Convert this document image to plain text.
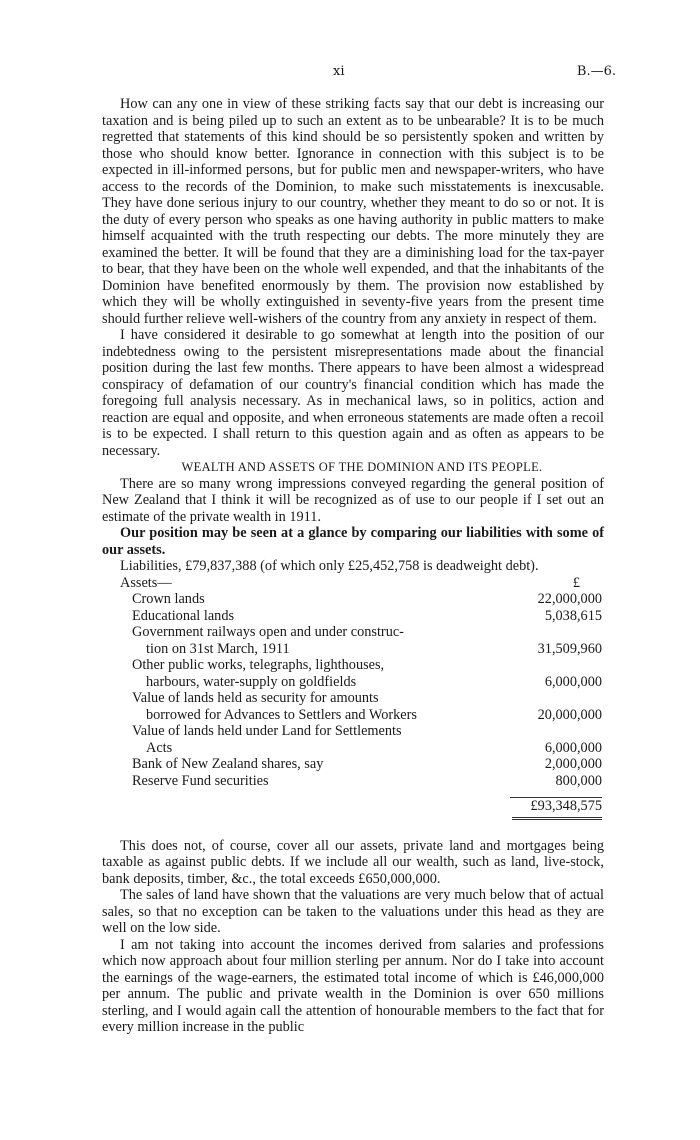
xi	B.—6.

How can any one in view of these striking facts say that our debt is increasing our taxation and is being piled up to such an extent as to be unbearable? It is to be much regretted that statements of this kind should be so persistently spoken and written by those who should know better. Ignorance in connection with this subject is to be expected in ill-informed persons, but for public men and newspaper-writers, who have access to the records of the Dominion, to make such misstatements is inexcusable. They have done serious injury to our country, whether they meant to do so or not. It is the duty of every person who speaks as one having authority in public matters to make himself acquainted with the truth respecting our debts. The more minutely they are examined the better. It will be found that they are a diminishing load for the tax-payer to bear, that they have been on the whole well expended, and that the inhabitants of the Dominion have benefited enormously by them. The provision now established by which they will be wholly extinguished in seventy-five years from the present time should further relieve well-wishers of the country from any anxiety in respect of them.

I have considered it desirable to go somewhat at length into the position of our indebtedness owing to the persistent misrepresentations made about the financial position during the last few months. There appears to have been almost a widespread conspiracy of defamation of our country's financial condition which has made the foregoing full analysis necessary. As in mechanical laws, so in politics, action and reaction are equal and opposite, and when erroneous statements are made often a recoil is to be expected. I shall return to this question again and as often as appears to be necessary.

WEALTH AND ASSETS OF THE DOMINION AND ITS PEOPLE.

There are so many wrong impressions conveyed regarding the general position of New Zealand that I think it will be recognized as of use to our people if I set out an estimate of the private wealth in 1911.

Our position may be seen at a glance by comparing our liabilities with some of our assets.

Liabilities, £79,837,388 (of which only £25,452,758 is deadweight debt).
Assets—	£
Crown lands	22,000,000

Educational lands	5,038,615

Government railways open and under construc-
tion on 31st March, 1911	31,509,960

Other public works, telegraphs, lighthouses,
harbours, water-supply on goldfields	6,000,000

Value of lands held as security for amounts
borrowed for Advances to Settlers and Workers	20,000,000

Value of lands held under Land for Settlements
Acts	6,000,000

Bank of New Zealand shares, say	2,000,000

Reserve Fund securities	800,000

£93,348,575

This does not, of course, cover all our assets, private land and mortgages being taxable as against public debts. If we include all our wealth, such as land, live-stock, bank deposits, timber, &c., the total exceeds £650,000,000.

The sales of land have shown that the valuations are very much below that of actual sales, so that no exception can be taken to the valuations under this head as they are well on the low side.

I am not taking into account the incomes derived from salaries and professions which now approach about four million sterling per annum. Nor do I take into account the earnings of the wage-earners, the estimated total income of which is £46,000,000 per annum. The public and private wealth in the Dominion is over 650 millions sterling, and I would again call the attention of honourable members to the fact that for every million increase in the public
